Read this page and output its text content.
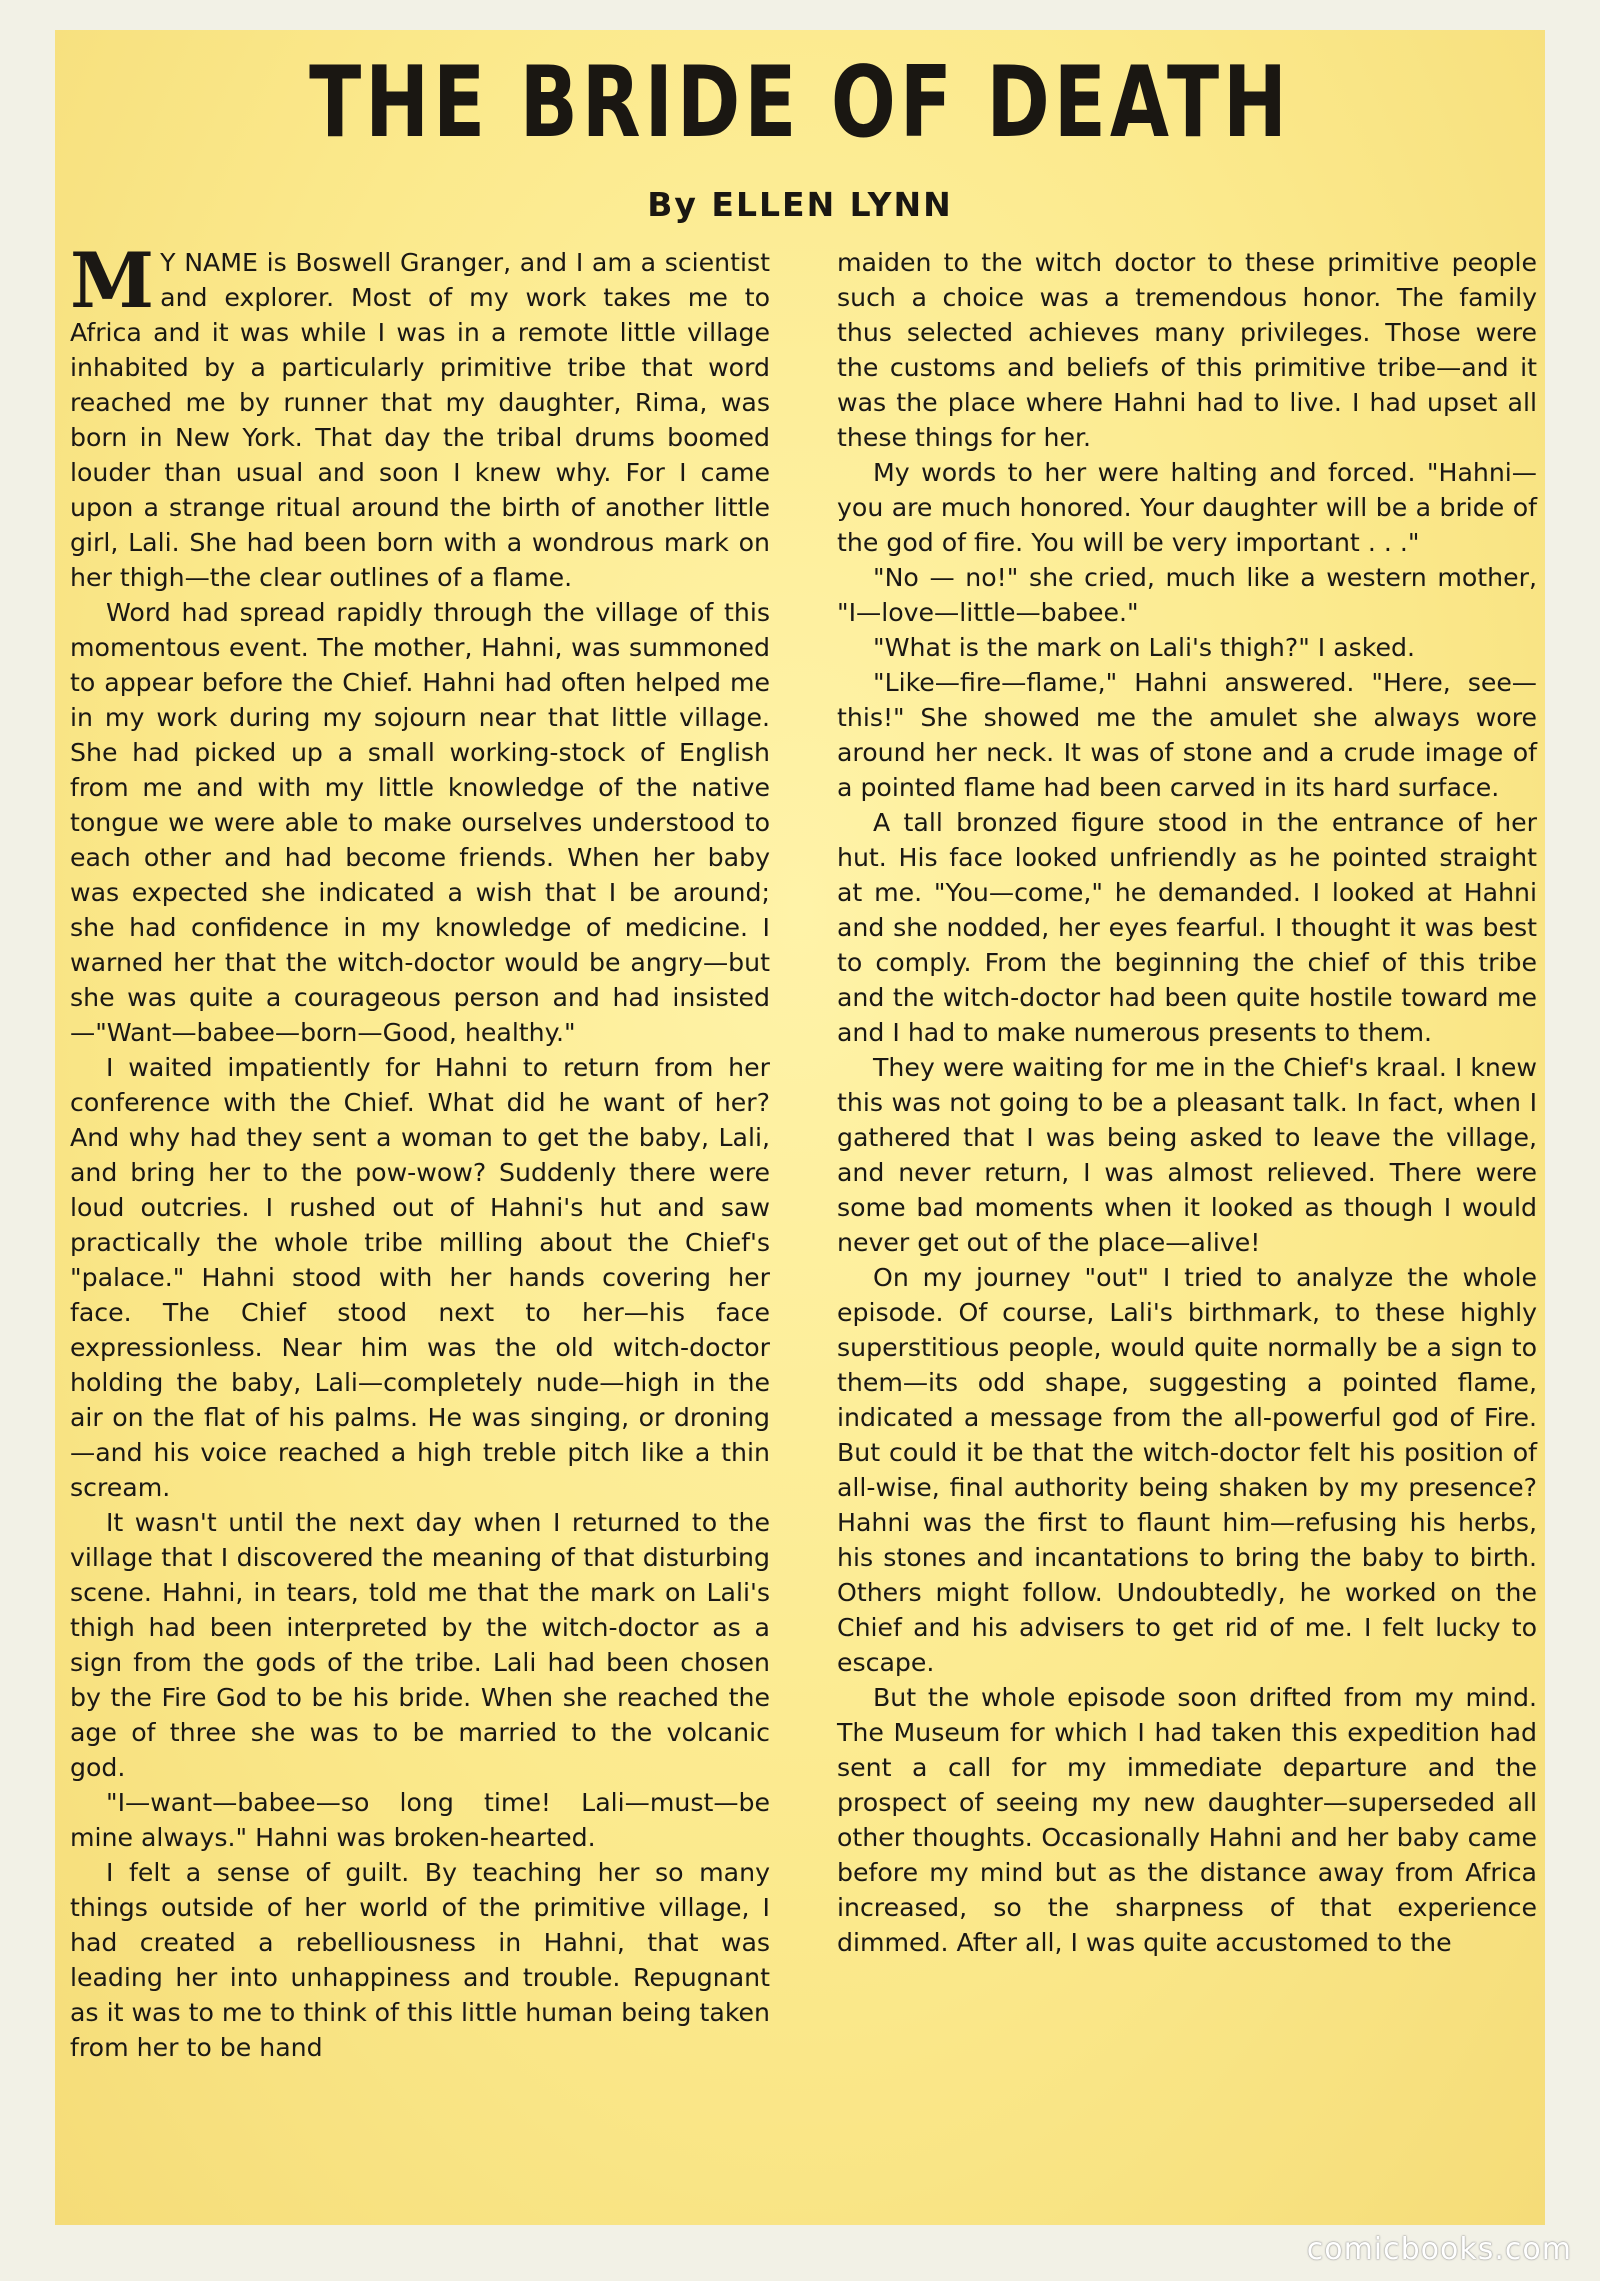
THE BRIDE OF DEATH
By ELLEN LYNN

M Y NAME is Boswell Granger, and I am a scientist and explorer. Most of my work takes me to Africa and it was while I was in a remote little village inhabited by a particularly primitive tribe that word reached me by runner that my daughter, Rima, was born in New York. That day the tribal drums boomed louder than usual and soon I knew why. For I came upon a strange ritual around the birth of another little girl, Lali. She had been born with a wondrous mark on her thigh—the clear outlines of a flame.

Word had spread rapidly through the village of this momentous event. The mother, Hahni, was summoned to appear before the Chief. Hahni had often helped me in my work during my sojourn near that little village. She had picked up a small working-stock of English from me and with my little knowledge of the native tongue we were able to make ourselves understood to each other and had become friends. When her baby was expected she indicated a wish that I be around; she had confidence in my knowledge of medicine. I warned her that the witch-doctor would be angry—but she was quite a courageous person and had insisted—"Want—babee—born—Good, healthy."

I waited impatiently for Hahni to return from her conference with the Chief. What did he want of her? And why had they sent a woman to get the baby, Lali, and bring her to the pow-wow? Suddenly there were loud outcries. I rushed out of Hahni's hut and saw practically the whole tribe milling about the Chief's "palace." Hahni stood with her hands covering her face. The Chief stood next to her—his face expressionless. Near him was the old witch-doctor holding the baby, Lali—completely nude—high in the air on the flat of his palms. He was singing, or droning—and his voice reached a high treble pitch like a thin scream.

It wasn't until the next day when I returned to the village that I discovered the meaning of that disturbing scene. Hahni, in tears, told me that the mark on Lali's thigh had been interpreted by the witch-doctor as a sign from the gods of the tribe. Lali had been chosen by the Fire God to be his bride. When she reached the age of three she was to be married to the volcanic god.

"I—want—babee—so long time! Lali—must—be mine always." Hahni was broken-hearted.

I felt a sense of guilt. By teaching her so many things outside of her world of the primitive village, I had created a rebelliousness in Hahni, that was leading her into unhappiness and trouble. Repugnant as it was to me to think of this little human being taken from her to be hand

maiden to the witch doctor to these primitive people such a choice was a tremendous honor. The family thus selected achieves many privileges. Those were the customs and beliefs of this primitive tribe—and it was the place where Hahni had to live. I had upset all these things for her.

My words to her were halting and forced. "Hahni—you are much honored. Your daughter will be a bride of the god of fire. You will be very important . . ."

"No — no!" she cried, much like a western mother, "I—love—little—babee."

"What is the mark on Lali's thigh?" I asked.

"Like—fire—flame," Hahni answered. "Here, see—this!" She showed me the amulet she always wore around her neck. It was of stone and a crude image of a pointed flame had been carved in its hard surface.

A tall bronzed figure stood in the entrance of her hut. His face looked unfriendly as he pointed straight at me. "You—come," he demanded. I looked at Hahni and she nodded, her eyes fearful. I thought it was best to comply. From the beginning the chief of this tribe and the witch-doctor had been quite hostile toward me and I had to make numerous presents to them.

They were waiting for me in the Chief's kraal. I knew this was not going to be a pleasant talk. In fact, when I gathered that I was being asked to leave the village, and never return, I was almost relieved. There were some bad moments when it looked as though I would never get out of the place—alive!

On my journey "out" I tried to analyze the whole episode. Of course, Lali's birthmark, to these highly superstitious people, would quite normally be a sign to them—its odd shape, suggesting a pointed flame, indicated a message from the all-powerful god of Fire. But could it be that the witch-doctor felt his position of all-wise, final authority being shaken by my presence? Hahni was the first to flaunt him—refusing his herbs, his stones and incantations to bring the baby to birth. Others might follow. Undoubtedly, he worked on the Chief and his advisers to get rid of me. I felt lucky to escape.

But the whole episode soon drifted from my mind. The Museum for which I had taken this expedition had sent a call for my immediate departure and the prospect of seeing my new daughter—superseded all other thoughts. Occasionally Hahni and her baby came before my mind but as the distance away from Africa increased, so the sharpness of that experience dimmed. After all, I was quite accustomed to the

comicbooks.com
